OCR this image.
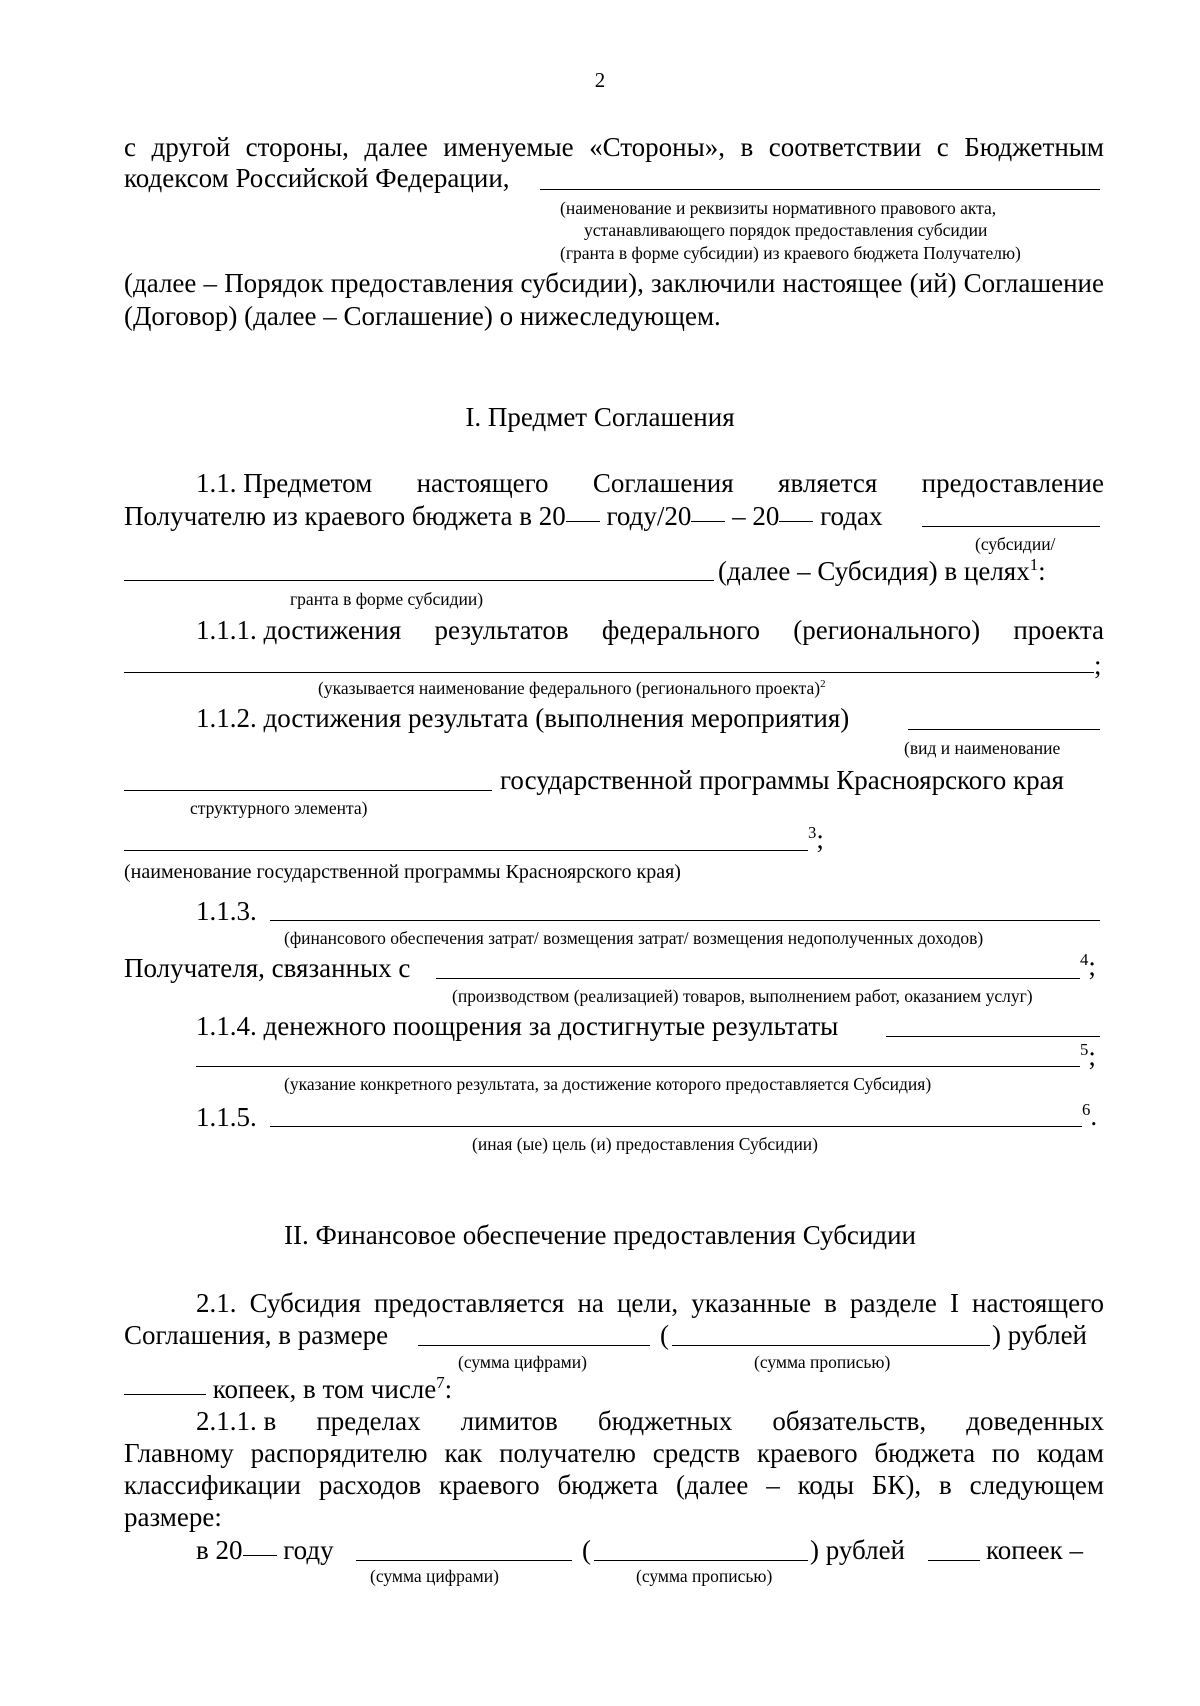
2
с другой стороны, далее именуемые «Стороны», в соответствии с Бюджетным
кодексом Российской Федерации,
(наименование и реквизиты нормативного правового акта,
устанавливающего порядок предоставления субсидии
(гранта в форме субсидии) из краевого бюджета Получателю)
(далее – Порядок предоставления субсидии), заключили настоящее (ий) Соглашение
(Договор) (далее – Соглашение) о нижеследующем.
I. Предмет Соглашения
1.1. Предметом настоящего Соглашения является предоставление
Получателю из краевого бюджета в 20 году/20 – 20 годах
(субсидии/
(далее – Субсидия) в целях$^1$:
гранта в форме субсидии)
1.1.1. достижения результатов федерального (регионального) проекта
;
(указывается наименование федерального (регионального проекта)$^2$
1.1.2. достижения результата (выполнения мероприятия)
(вид и наименование
государственной программы Красноярского края
структурного элемента)
$^3$;
(наименование государственной программы Красноярского края)
1.1.3.
(финансового обеспечения затрат/ возмещения затрат/ возмещения недополученных доходов)
Получателя, связанных с	$^4$;
(производством (реализацией) товаров, выполнением работ, оказанием услуг)
1.1.4. денежного поощрения за достигнутые результаты
$^5$;
(указание конкретного результата, за достижение которого предоставляется Субсидия)
1.1.5.	$^6$.
(иная (ые) цель (и) предоставления Субсидии)
II. Финансовое обеспечение предоставления Субсидии
2.1. Субсидия предоставляется на цели, указанные в разделе I настоящего
Соглашения, в размере	(	) рублей
(сумма цифрами)	(сумма прописью)
копеек, в том числе$^7$:
2.1.1. в пределах лимитов бюджетных обязательств, доведенных
Главному распорядителю как получателю средств краевого бюджета по кодам
классификации расходов краевого бюджета (далее – коды БК), в следующем
размере:
в 20 году	(	) рублей	копеек –
(сумма цифрами)	(сумма прописью)
